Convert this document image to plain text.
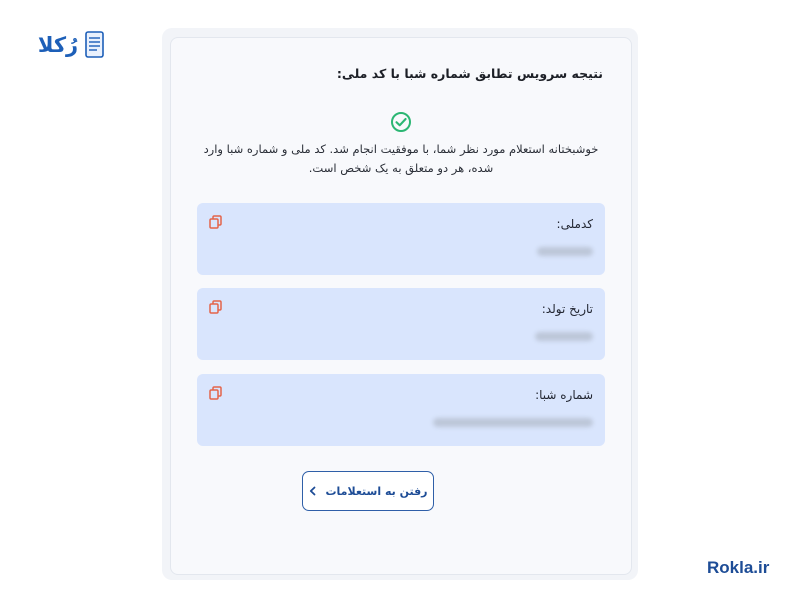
رُکلا
نتیجه سرویس تطابق شماره شبا با کد ملی:
خوشبختانه استعلام مورد نظر شما، با موفقیت انجام شد. کد ملی و شماره شبا وارد شده، هر دو متعلق به یک شخص است.
کدملی:
تاریخ تولد:
شماره شبا:
رفتن به استعلامات
Rokla.ir
